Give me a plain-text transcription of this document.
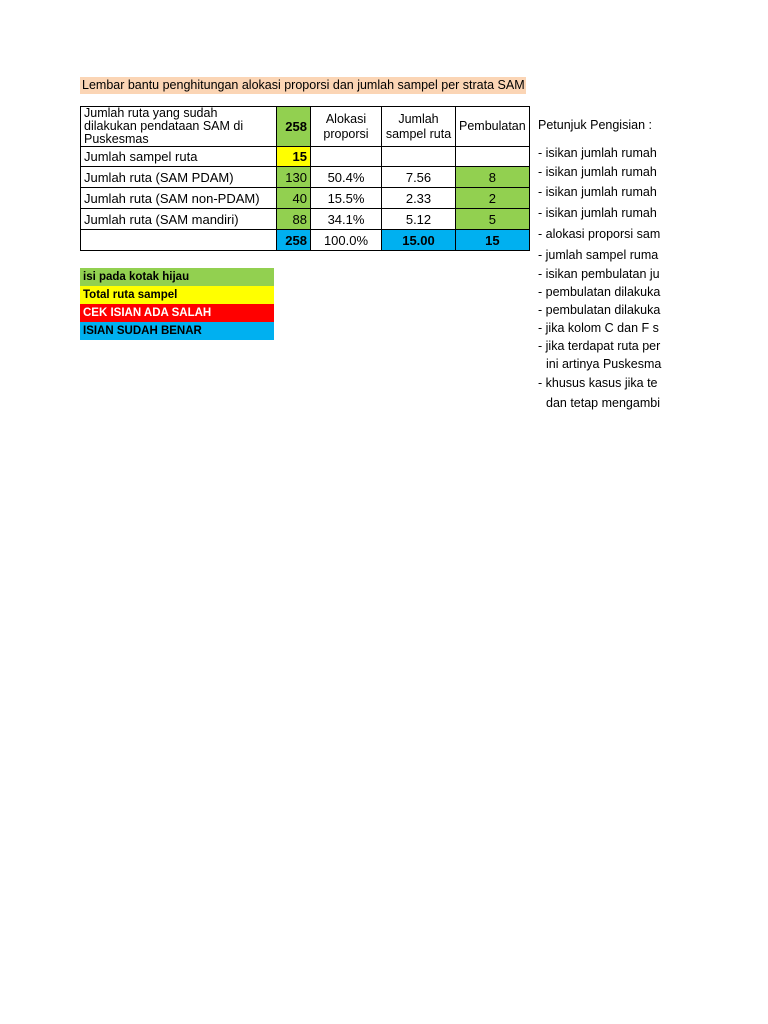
Lembar bantu penghitungan alokasi proporsi dan jumlah sampel per strata SAM
Jumlah ruta yang sudah dilakukan pendataan SAM di Puskesmas	258	Alokasi proporsi	Jumlah sampel ruta	Pembulatan
Jumlah sampel ruta	15			
Jumlah ruta (SAM PDAM)	130	50.4%	7.56	8
Jumlah ruta (SAM non-PDAM)	40	15.5%	2.33	2
Jumlah ruta (SAM mandiri)	88	34.1%	5.12	5
	258	100.0%	15.00	15
isi pada kotak hijau
Total ruta sampel
CEK ISIAN ADA SALAH
ISIAN SUDAH BENAR
Petunjuk Pengisian :
- isikan jumlah rumah
- isikan jumlah rumah
- isikan jumlah rumah
- isikan jumlah rumah
- alokasi proporsi sam
- jumlah sampel ruma
- isikan pembulatan ju
- pembulatan dilakuka
- pembulatan dilakuka
- jika kolom C dan F s
- jika terdapat ruta per
ini artinya Puskesma
- khusus kasus jika te
dan tetap mengambi
